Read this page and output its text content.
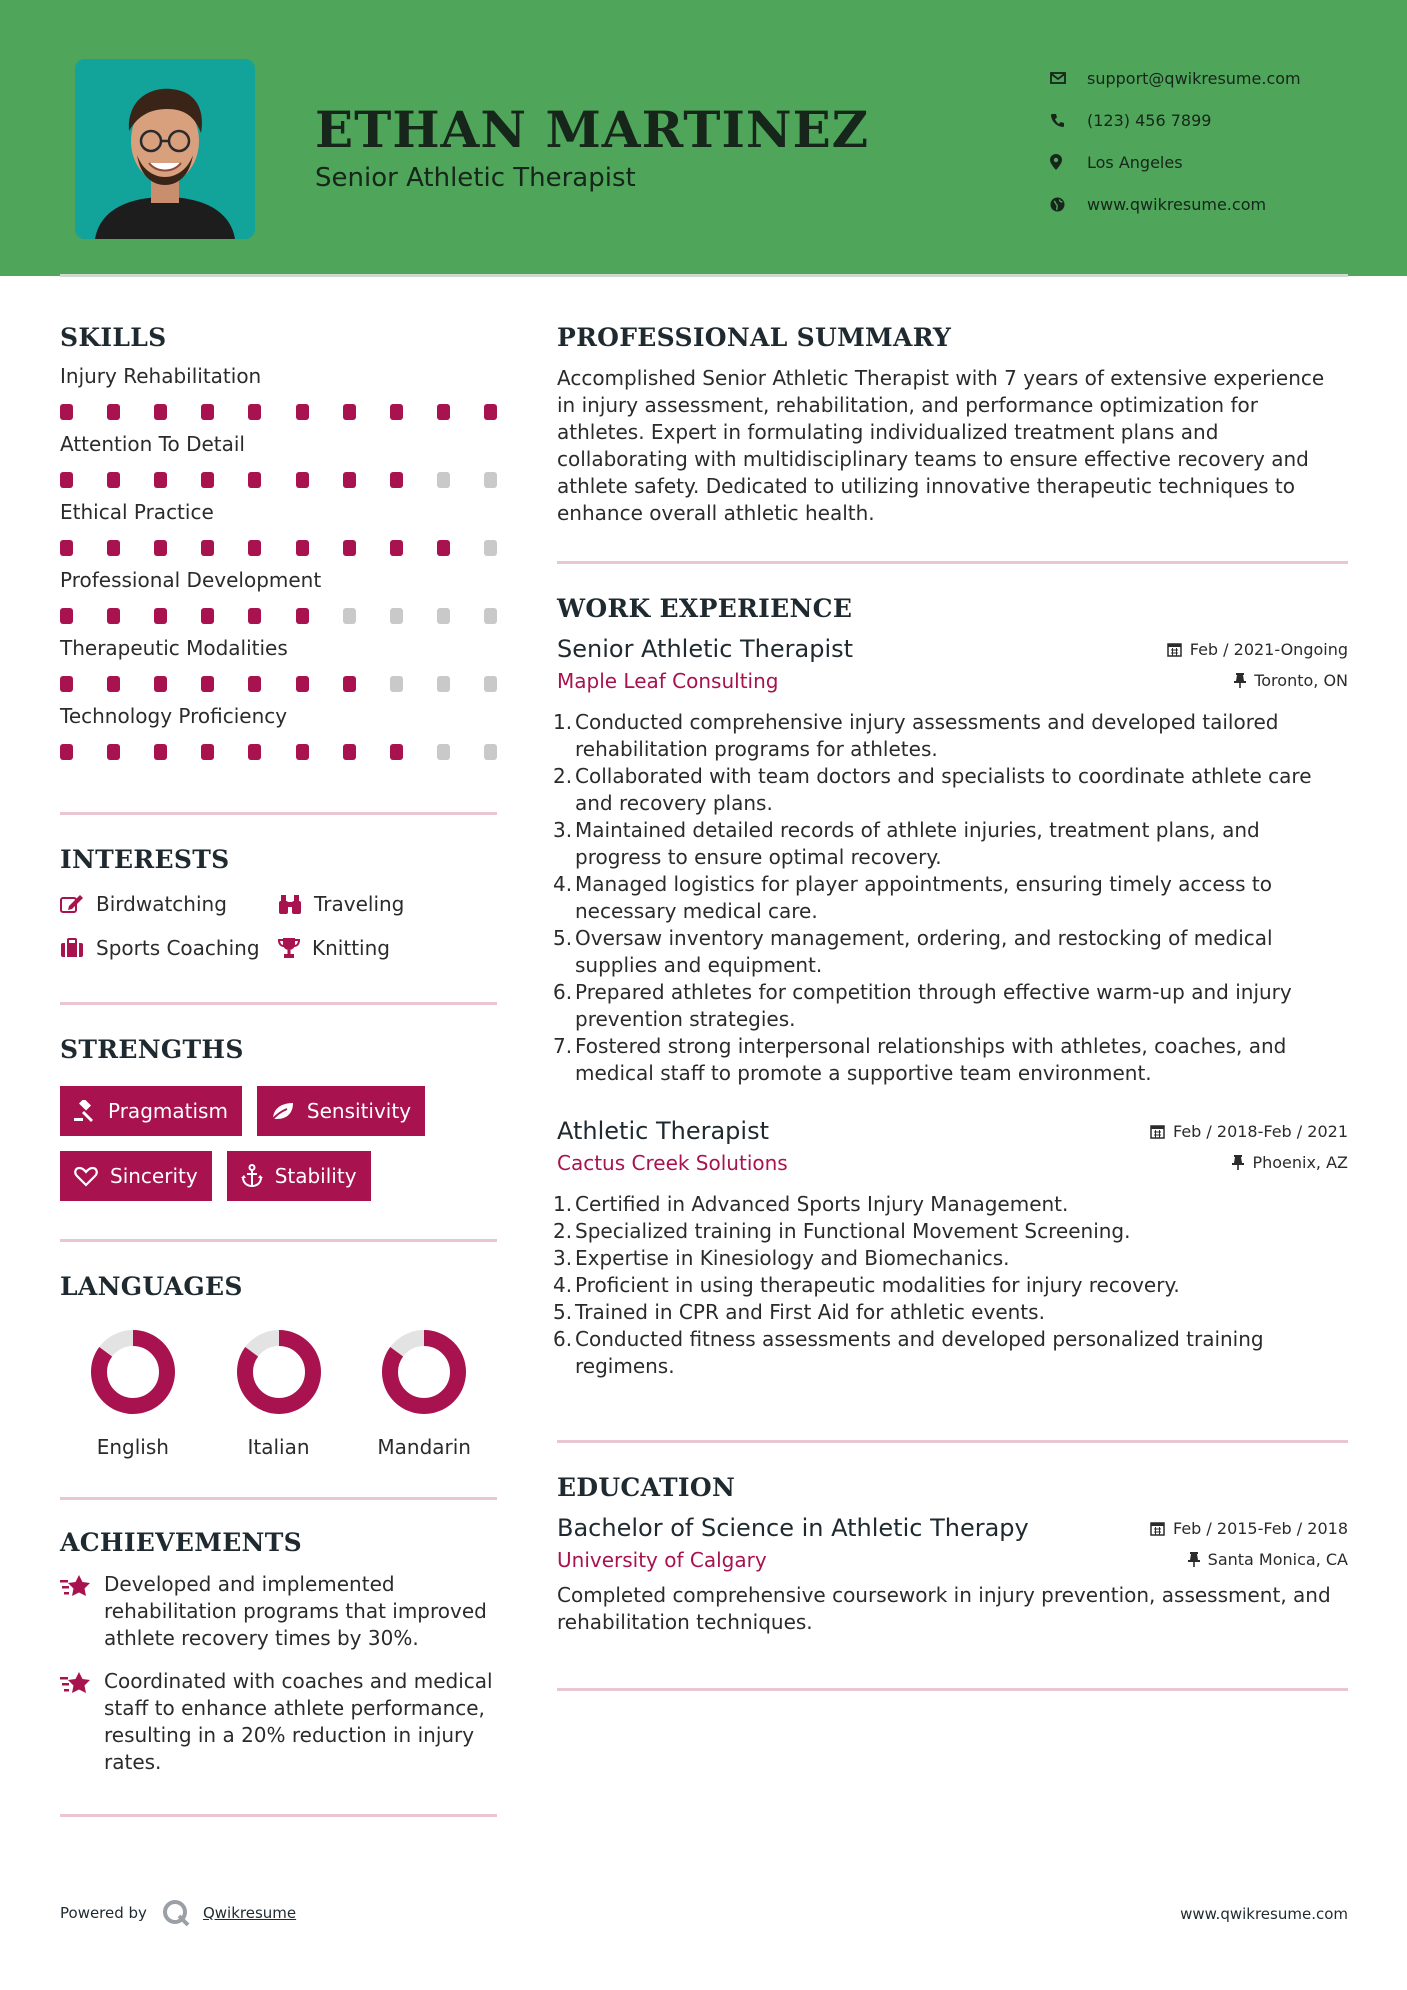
ETHAN MARTINEZ
Senior Athletic Therapist
support@qwikresume.com
(123) 456 7899
Los Angeles
www.qwikresume.com
SKILLS
Injury Rehabilitation
Attention To Detail
Ethical Practice
Professional Development
Therapeutic Modalities
Technology Proficiency
INTERESTS
Birdwatching	Traveling
Sports Coaching	Knitting
STRENGTHS
Pragmatism	Sensitivity
Sincerity	Stability
LANGUAGES
English	Italian	Mandarin
ACHIEVEMENTS
Developed and implemented rehabilitation programs that improved athlete recovery times by 30%.
Coordinated with coaches and medical staff to enhance athlete performance, resulting in a 20% reduction in injury rates.
PROFESSIONAL SUMMARY
Accomplished Senior Athletic Therapist with 7 years of extensive experience in injury assessment, rehabilitation, and performance optimization for athletes. Expert in formulating individualized treatment plans and collaborating with multidisciplinary teams to ensure effective recovery and athlete safety. Dedicated to utilizing innovative therapeutic techniques to enhance overall athletic health.
WORK EXPERIENCE
Senior Athletic Therapist	Feb / 2021-Ongoing
Maple Leaf Consulting	Toronto, ON
1. Conducted comprehensive injury assessments and developed tailored rehabilitation programs for athletes.
2. Collaborated with team doctors and specialists to coordinate athlete care and recovery plans.
3. Maintained detailed records of athlete injuries, treatment plans, and progress to ensure optimal recovery.
4. Managed logistics for player appointments, ensuring timely access to necessary medical care.
5. Oversaw inventory management, ordering, and restocking of medical supplies and equipment.
6. Prepared athletes for competition through effective warm-up and injury prevention strategies.
7. Fostered strong interpersonal relationships with athletes, coaches, and medical staff to promote a supportive team environment.
Athletic Therapist	Feb / 2018-Feb / 2021
Cactus Creek Solutions	Phoenix, AZ
1. Certified in Advanced Sports Injury Management.
2. Specialized training in Functional Movement Screening.
3. Expertise in Kinesiology and Biomechanics.
4. Proficient in using therapeutic modalities for injury recovery.
5. Trained in CPR and First Aid for athletic events.
6. Conducted fitness assessments and developed personalized training regimens.
EDUCATION
Bachelor of Science in Athletic Therapy	Feb / 2015-Feb / 2018
University of Calgary	Santa Monica, CA
Completed comprehensive coursework in injury prevention, assessment, and rehabilitation techniques.
Powered by	Qwikresume	www.qwikresume.com
